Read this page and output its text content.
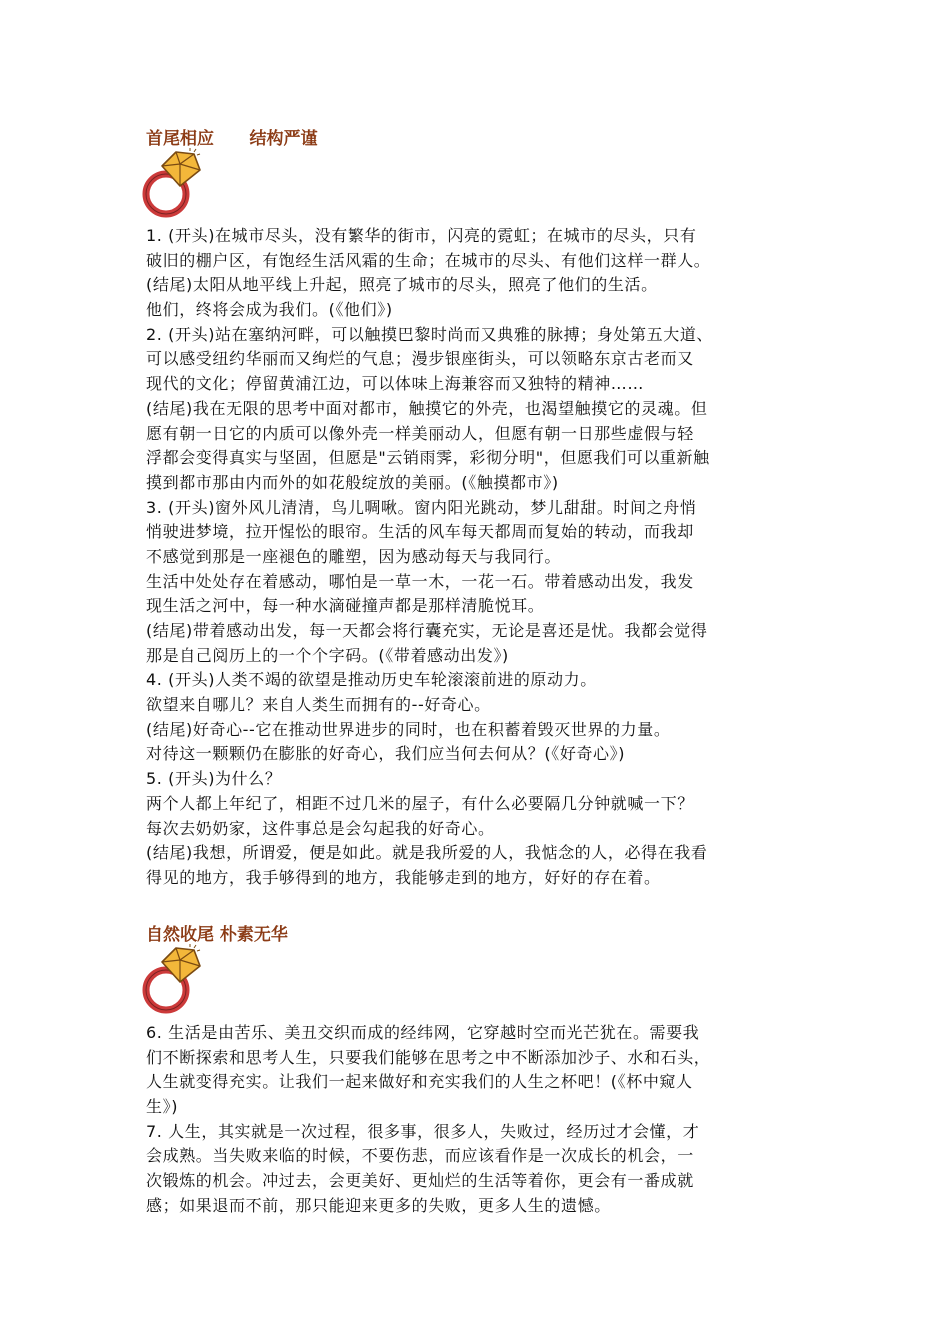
首尾相应      结构严谨
1. (开头)在城市尽头，没有繁华的街市，闪亮的霓虹；在城市的尽头，只有
破旧的棚户区，有饱经生活风霜的生命；在城市的尽头、有他们这样一群人。
(结尾)太阳从地平线上升起，照亮了城市的尽头，照亮了他们的生活。
他们，终将会成为我们。(《他们》)
2. (开头)站在塞纳河畔，可以触摸巴黎时尚而又典雅的脉搏；身处第五大道、
可以感受纽约华丽而又绚烂的气息；漫步银座街头，可以领略东京古老而又
现代的文化；停留黄浦江边，可以体味上海兼容而又独特的精神……
(结尾)我在无限的思考中面对都市，触摸它的外壳，也渴望触摸它的灵魂。但
愿有朝一日它的内质可以像外壳一样美丽动人，但愿有朝一日那些虚假与轻
浮都会变得真实与坚固，但愿是"云销雨霁，彩彻分明"，但愿我们可以重新触
摸到都市那由内而外的如花般绽放的美丽。(《触摸都市》)
3. (开头)窗外风儿清清，鸟儿啁啾。窗内阳光跳动，梦儿甜甜。时间之舟悄
悄驶进梦境，拉开惺忪的眼帘。生活的风车每天都周而复始的转动，而我却
不感觉到那是一座褪色的雕塑，因为感动每天与我同行。
生活中处处存在着感动，哪怕是一草一木，一花一石。带着感动出发，我发
现生活之河中，每一种水滴碰撞声都是那样清脆悦耳。
(结尾)带着感动出发，每一天都会将行囊充实，无论是喜还是忧。我都会觉得
那是自己阅历上的一个个字码。(《带着感动出发》)
4. (开头)人类不竭的欲望是推动历史车轮滚滚前进的原动力。
欲望来自哪儿？来自人类生而拥有的--好奇心。
(结尾)好奇心--它在推动世界进步的同时，也在积蓄着毁灭世界的力量。
对待这一颗颗仍在膨胀的好奇心，我们应当何去何从？(《好奇心》)
5. (开头)为什么？
两个人都上年纪了，相距不过几米的屋子，有什么必要隔几分钟就喊一下？
每次去奶奶家，这件事总是会勾起我的好奇心。
(结尾)我想，所谓爱，便是如此。就是我所爱的人，我惦念的人，必得在我看
得见的地方，我手够得到的地方，我能够走到的地方，好好的存在着。
自然收尾 朴素无华
6. 生活是由苦乐、美丑交织而成的经纬网，它穿越时空而光芒犹在。需要我
们不断探索和思考人生，只要我们能够在思考之中不断添加沙子、水和石头，
人生就变得充实。让我们一起来做好和充实我们的人生之杯吧！(《杯中窥人
生》)
7. 人生，其实就是一次过程，很多事，很多人，失败过，经历过才会懂，才
会成熟。当失败来临的时候，不要伤悲，而应该看作是一次成长的机会，一
次锻炼的机会。冲过去，会更美好、更灿烂的生活等着你，更会有一番成就
感；如果退而不前，那只能迎来更多的失败，更多人生的遗憾。
